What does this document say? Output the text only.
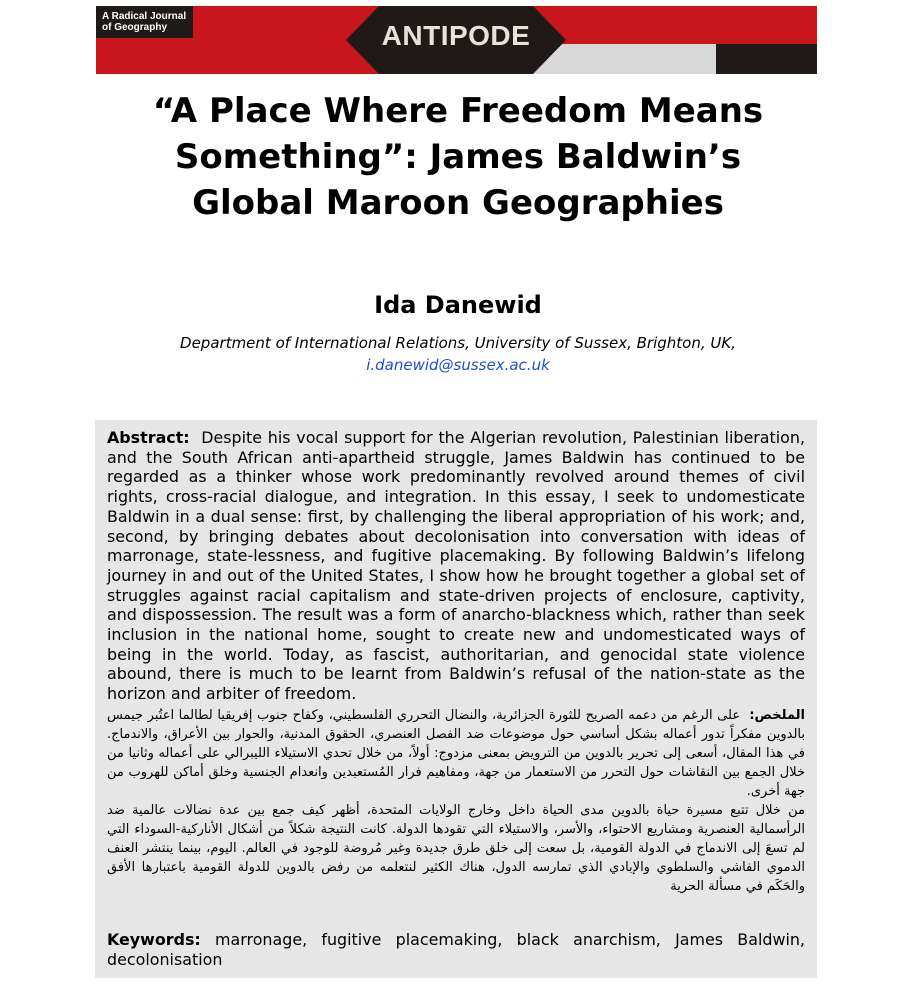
A Radical Journal of Geography	ANTIPODE
“A Place Where Freedom Means Something”: James Baldwin’s Global Maroon Geographies
Ida Danewid
Department of International Relations, University of Sussex, Brighton, UK,
i.danewid@sussex.ac.uk

Abstract: Despite his vocal support for the Algerian revolution, Palestinian liberation, and the South African anti-apartheid struggle, James Baldwin has continued to be regarded as a thinker whose work predominantly revolved around themes of civil rights, cross-racial dialogue, and integration. In this essay, I seek to undomesticate Baldwin in a dual sense: first, by challenging the liberal appropriation of his work; and, second, by bringing debates about decolonisation into conversation with ideas of marronage, state-lessness, and fugitive placemaking. By following Baldwin’s lifelong journey in and out of the United States, I show how he brought together a global set of struggles against racial capitalism and state-driven projects of enclosure, captivity, and dispossession. The result was a form of anarcho-blackness which, rather than seek inclusion in the national home, sought to create new and undomesticated ways of being in the world. Today, as fascist, authoritarian, and genocidal state violence abound, there is much to be learnt from Baldwin’s refusal of the nation-state as the horizon and arbiter of freedom.

الملخص:  على الرغم من دعمه الصريح للثورة الجزائرية، والنضال التحرري الفلسطيني، وكفاح جنوب إفريقيا لطالما اعتُبر جيمس بالدوين مفكراً تدور أعماله بشكل أساسي حول موضوعات ضد الفصل العنصري، الحقوق المدنية، والحوار بين الأعراق، والاندماج. في هذا المقال، أسعى إلى تحرير بالدوين من الترويض بمعنى مزدوج: أولاً، من خلال تحدي الاستيلاء الليبرالي على أعماله وثانيا من خلال الجمع بين النقاشات حول التحرر من الاستعمار من جهة، ومفاهيم فرار المُستعبدين وانعدام الجنسية وخلق أماكن للهروب من جهة أخرى.

من خلال تتبع مسيرة حياة بالدوين مدى الحياة داخل وخارج الولايات المتحدة، أظهر كيف جمع بين عدة نضالات عالمية ضد الرأسمالية العنصرية ومشاريع الاحتواء، والأسر، والاستيلاء التي تقودها الدولة. كانت النتيجة شكلاً من أشكال الأناركية-السوداء التي لم تسعَ إلى الاندماج في الدولة القومية، بل سعت إلى خلق طرق جديدة وغير مُروضة للوجود في العالم. اليوم، بينما ينتشر العنف الدموي الفاشي والسلطوي والإبادي الذي تمارسه الدول، هناك الكثير لنتعلمه من رفض بالدوين للدولة القومية باعتبارها الأفق والحَكَم في مسألة الحرية

Keywords: marronage, fugitive placemaking, black anarchism, James Baldwin, decolonisation
